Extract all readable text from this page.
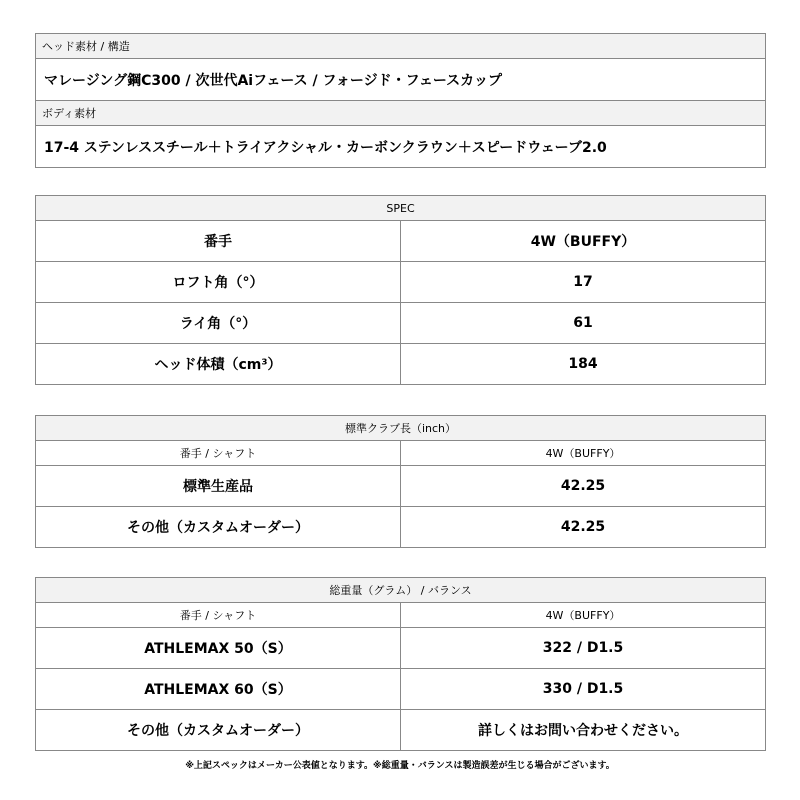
ヘッド素材 / 構造
マレージング鋼C300 / 次世代Aiフェース / フォージド・フェースカップ
ボディ素材
17-4 ステンレススチール＋トライアクシャル・カーボンクラウン＋スピードウェーブ2.0
SPEC	
番手	4W（BUFFY）
ロフト角（°）	17
ライ角（°）	61
ヘッド体積（cm³）	184
標準クラブ長（inch）	
番手 / シャフト	4W（BUFFY）
標準生産品	42.25
その他（カスタムオーダー）	42.25
総重量（グラム） / バランス	
番手 / シャフト	4W（BUFFY）
ATHLEMAX 50（S）	322 / D1.5
ATHLEMAX 60（S）	330 / D1.5
その他（カスタムオーダー）	詳しくはお問い合わせください。
※上記スペックはメーカー公表値となります。※総重量・バランスは製造誤差が生じる場合がございます。
